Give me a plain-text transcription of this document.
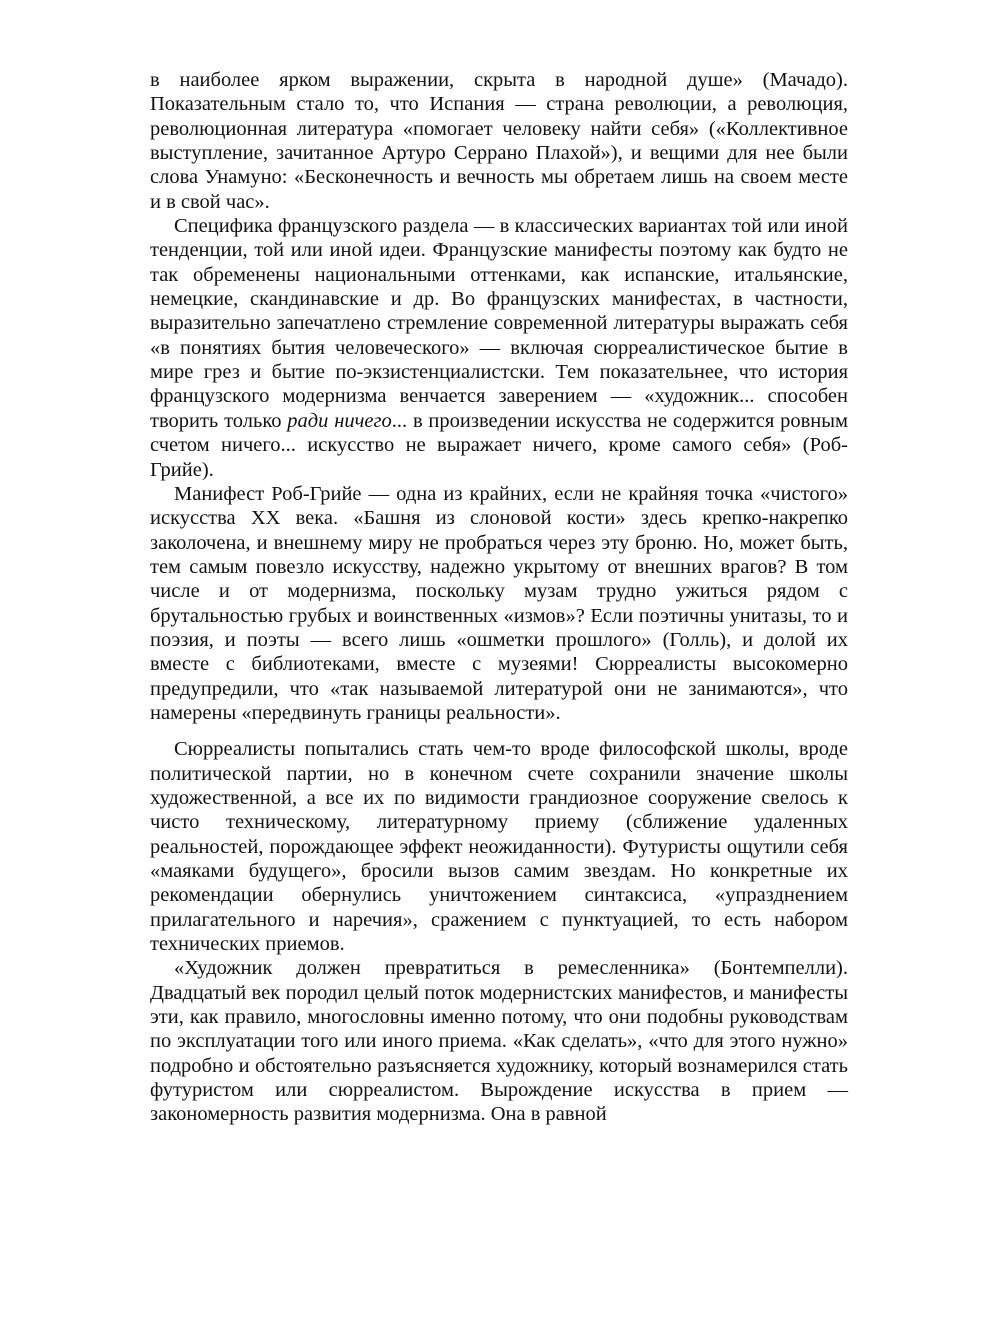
в наиболее ярком выражении, скрыта в народной душе» (Мачадо). Показательным стало то, что Испания — страна революции, а революция, революционная литература «помогает человеку найти себя» («Коллективное выступление, зачитанное Артуро Серрано Плахой»), и вещими для нее были слова Унамуно: «Бесконечность и вечность мы обретаем лишь на своем месте и в свой час».

Специфика французского раздела — в классических вариантах той или иной тенденции, той или иной идеи. Французские манифесты поэтому как будто не так обременены национальными оттенками, как испанские, итальянские, немецкие, скандинавские и др. Во французских манифестах, в частности, выразительно запечатлено стремление современной литературы выражать себя «в понятиях бытия человеческого» — включая сюрреалистическое бытие в мире грез и бытие по-экзистенциалистски. Тем показательнее, что история французского модернизма венчается заверением — «художник... способен творить только ради ничего... в произведении искусства не содержится ровным счетом ничего... искусство не выражает ничего, кроме самого себя» (Роб-Грийе).

Манифест Роб-Грийе — одна из крайних, если не крайняя точка «чистого» искусства XX века. «Башня из слоновой кости» здесь крепко-накрепко заколочена, и внешнему миру не пробраться через эту броню. Но, может быть, тем самым повезло искусству, надежно укрытому от внешних врагов? В том числе и от модернизма, поскольку музам трудно ужиться рядом с брутальностью грубых и воинственных «измов»? Если поэтичны унитазы, то и поэзия, и поэты — всего лишь «ошметки прошлого» (Голль), и долой их вместе с библиотеками, вместе с музеями! Сюрреалисты высокомерно предупредили, что «так называемой литературой они не занимаются», что намерены «передвинуть границы реальности».

Сюрреалисты попытались стать чем-то вроде философской школы, вроде политической партии, но в конечном счете сохранили значение школы художественной, а все их по видимости грандиозное сооружение свелось к чисто техническому, литературному приему (сближение удаленных реальностей, порождающее эффект неожиданности). Футуристы ощутили себя «маяками будущего», бросили вызов самим звездам. Но конкретные их рекомендации обернулись уничтожением синтаксиса, «упразднением прилагательного и наречия», сражением с пунктуацией, то есть набором технических приемов.

«Художник должен превратиться в ремесленника» (Бонтемпелли). Двадцатый век породил целый поток модернистских манифестов, и манифесты эти, как правило, многословны именно потому, что они подобны руководствам по эксплуатации того или иного приема. «Как сделать», «что для этого нужно» подробно и обстоятельно разъясняется художнику, который вознамерился стать футуристом или сюрреалистом. Вырождение искусства в прием — закономерность развития модернизма. Она в равной
